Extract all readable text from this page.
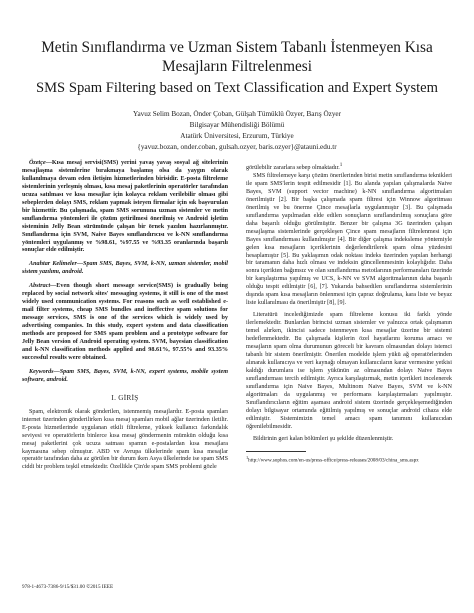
Metin Sınıflandırma ve Uzman Sistem Tabanlı İstenmeyen Kısa Mesajların Filtrelenmesi
SMS Spam Filtering based on Text Classification and Expert System
Yavuz Selim Bozan, Önder Çoban, Gülşah Tümüklü Özyer, Barış Özyer
Bilgisayar Mühendisliği Bölümü
Atatürk Üniversitesi, Erzurum, Türkiye
{yavuz.bozan, onder.coban, gulsah.ozyer, baris.ozyer}@atauni.edu.tr

Özetçe—Kısa mesaj servisi(SMS) yerini yavaş yavaş sosyal ağ sitelerinin mesajlaşma sistemlerine bırakmaya başlamış olsa da yaygın olarak kullanılmaya devam eden iletişim hizmetlerinden birisidir. E-posta filtreleme sistemlerinin yerleşmiş olması, kısa mesaj paketlerinin operatörler tarafından ucuza satılması ve kısa mesajlar için kolayca reklam verilebilir olması gibi sebeplerden dolayı SMS, reklam yapmak isteyen firmalar için sık başvurulan bir hizmettir. Bu çalışmada, spam SMS sorununa uzman sistemler ve metin sınıflandırma yöntemleri ile çözüm getirilmesi önerilmiş ve Android işletim sisteminin Jelly Bean sürümünde çalışan bir örnek yazılım hazırlanmıştır. Sınıflandırma için SVM, Naive Bayes sınıflandırıcısı ve k-NN sınıflandırma yöntemleri uygulanmış ve %98.61, %97.55 ve %93.35 oranlarında başarılı sonuçlar elde edilmiştir.

Anahtar Kelimeler—Spam SMS, Bayes, SVM, k-NN, uzman sistemler, mobil sistem yazılımı, android.

Abstract—Even though short message service(SMS) is gradually being replaced by social network sites' messaging systems, it still is one of the most widely used communication systems. For reasons such as well established e-mail filter systems, cheap SMS bundles and ineffective spam solutions for message services, SMS is one of the services which is widely used by advertising companies. In this study, expert system and data classification methods are proposed for SMS spam problem and a prototype software for Jelly Bean version of Android operating system. SVM, bayesian classification and k-NN classification methods applied and 98.61%, 97.55% and 93.35% successful results were obtained.

Keywords—Spam SMS, Bayes, SVM, k-NN, expert systems, mobile system software, android.

I. GİRİŞ

Spam, elektronik olarak gönderilen, istenmemiş mesajlardır. E-posta spamları internet üzerinden gönderilirken kısa mesaj spamları mobil ağlar üzerinden iletilir. E-posta hizmetlerinde uygulanan etkili filtreleme, yüksek kullanıcı farkındalık seviyesi ve operatörlerin binlerce kısa mesaj göndermenin mümkün olduğu kısa mesaj paketlerini çok ucuza satması spamın e-postalardan kısa mesajlara kaymasına sebep olmuştur. ABD ve Avrupa ülkelerinde spam kısa mesajlar operatör tarafından daha az görülen bir durum iken Asya ülkelerinde ise spam SMS ciddi bir problem teşkil etmektedir. Özellikle Çin'de spam SMS problemi gözle

görülebilir zararlara sebep olmaktadır.$^1$

SMS filtrelemeye karşı çözüm önerilerinden birisi metin sınıflandırma teknikleri ile spam SMS'lerin tespit edilmesidir [1]. Bu alanda yapılan çalışmalarda Naive Bayes, SVM (support vector machine) k-NN sınıflandırma algoritmaları önerilmiştir [2]. Bir başka çalışmada spam filtresi için Winnow algoritması önerilmiş ve bu önerme Çince mesajlarla uygulanmıştır [3]. Bu çalışmada sınıflandırma yapılmadan elde edilen sonuçların sınıflandırılmış sonuçlara göre daha başarılı olduğu görülmüştür. Benzer bir çalışma 3G üzerinden çalışan mesajlaşma sistemlerinde gerçekleşen Çince spam mesajların filtrelenmesi için Bayes sınıflandırması kullanılmıştır [4]. Bir diğer çalışma indeksleme yöntemiyle gelen kısa mesajların içeriklerinin değerlendirilerek spam olma yüzdesini hesaplamıştır [5]. Bu yaklaşımın odak noktası indeks üzerinden yapılan herhangi bir taramanın daha hızlı olması ve indeksin güncellenmesinin kolaylığıdır. Daha sonra içerikten bağımsız ve olan sınıflandırma metotlarının performansları üzerinde bir karşılaştırma yapılmış ve UCS, k-NN ve SVM algoritmalarının daha başarılı olduğu tespit edilmiştir [6], [7]. Yukarıda bahsedilen sınıflandırma sistemlerinin dışında spam kısa mesajların önlenmesi için çapraz doğrulama, kara liste ve beyaz liste kullanılması da önerilmiştir [8], [9].

Literatürü incelediğimizde spam filtreleme konusu iki farklı yönde ilerlemektedir. Bunlardan birincisi uzman sistemler ve yalnızca ortak çalışmanın temel alırken, ikincisi sadece istenmeyen kısa mesajlar üzerine bir sistemi hedeflenmektedir. Bu çalışmada kişilerin özel hayatlarını koruma amacı ve mesajların spam olma durumunun göreceli bir kavram olmasından dolayı istemci tabanlı bir sistem önerilmiştir. Önerilen modelde işlem yükü ağ operatörlerinden alınarak kullanıcıya ve veri kaynağı olmayan kullanıcıların karar vermesine yetkisi kaldığı durumlara ise işlem yükünün az olmasından dolayı Naive Bayes sınıflandırması tercih edilmiştir. Ayrıca karşılaştırmak, metin içerikleri incelenerek sınıflandırma için Naive Bayes, Multinom Naive Bayes, SVM ve k-NN algoritmaları da uygulanmış ve performans karşılaştırmaları yapılmıştır. Sınıflandırıcıların eğitim aşaması android sistem üzerinde gerçekleşemediğinden dolayı bilgisayar ortamında eğitilmiş yapılmış ve sonuçlar android cihaza elde edilmiştir. Sistemimizin temel amacı spam tanımını kullanıcıdan öğrenilebilmesidir.

Bildirinin geri kalan bölümleri şu şekilde düzenlenmiştir.

$^1$http://www.sophos.com/en-us/press-office/press-releases/2008/03/china_sms.aspx
978-1-4673-7386-9/15/$31.00 ©2015 IEEE
